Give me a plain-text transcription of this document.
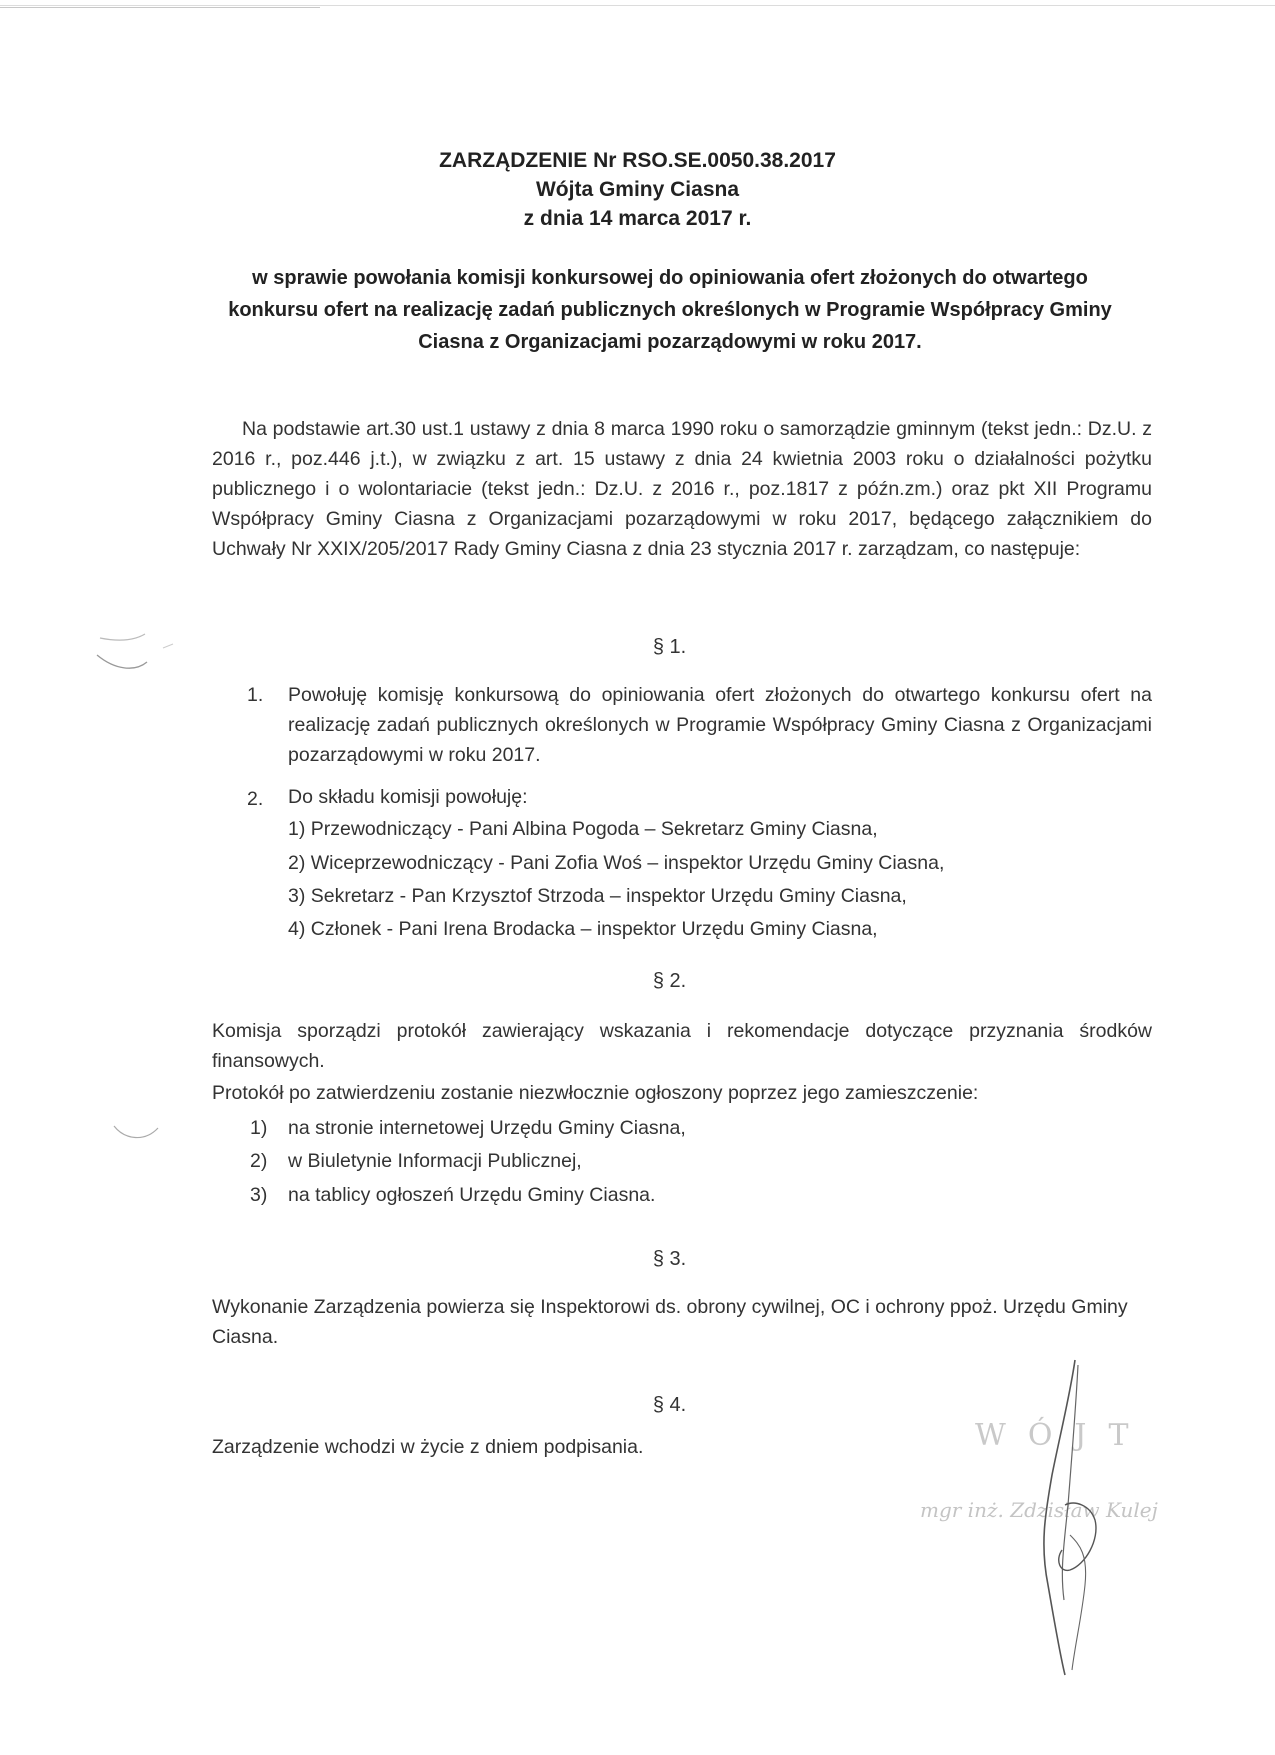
ZARZĄDZENIE Nr RSO.SE.0050.38.2017
Wójta Gminy Ciasna
z dnia 14 marca 2017 r.
w sprawie powołania komisji konkursowej do opiniowania ofert złożonych do otwartego konkursu ofert na realizację zadań publicznych określonych w Programie Współpracy Gminy Ciasna z Organizacjami pozarządowymi w roku 2017.
Na podstawie art.30 ust.1 ustawy z dnia 8 marca 1990 roku o samorządzie gminnym (tekst jedn.: Dz.U. z 2016 r., poz.446 j.t.), w związku z art. 15 ustawy z dnia 24 kwietnia 2003 roku o działalności pożytku publicznego i o wolontariacie (tekst jedn.: Dz.U. z 2016 r., poz.1817 z późn.zm.) oraz pkt XII Programu Współpracy Gminy Ciasna z Organizacjami pozarządowymi w roku 2017, będącego załącznikiem do Uchwały Nr XXIX/205/2017 Rady Gminy Ciasna z dnia 23 stycznia 2017 r. zarządzam, co następuje:
§ 1.
1. Powołuję komisję konkursową do opiniowania ofert złożonych do otwartego konkursu ofert na realizację zadań publicznych określonych w Programie Współpracy Gminy Ciasna z Organizacjami pozarządowymi w roku 2017.
2. Do składu komisji powołuję:
1) Przewodniczący - Pani Albina Pogoda – Sekretarz Gminy Ciasna,
2) Wiceprzewodniczący - Pani Zofia Woś – inspektor Urzędu Gminy Ciasna,
3) Sekretarz - Pan Krzysztof Strzoda – inspektor Urzędu Gminy Ciasna,
4) Członek - Pani Irena Brodacka – inspektor Urzędu Gminy Ciasna,
§ 2.
Komisja sporządzi protokół zawierający wskazania i rekomendacje dotyczące przyznania środków finansowych.
Protokół po zatwierdzeniu zostanie niezwłocznie ogłoszony poprzez jego zamieszczenie:
1) na stronie internetowej Urzędu Gminy Ciasna,
2) w Biuletynie Informacji Publicznej,
3) na tablicy ogłoszeń Urzędu Gminy Ciasna.
§ 3.
Wykonanie Zarządzenia powierza się Inspektorowi ds. obrony cywilnej, OC i ochrony ppoż. Urzędu Gminy Ciasna.
§ 4.
Zarządzenie wchodzi w życie z dniem podpisania.	WÓJT
mgr inż. Zdzisław Kulej
